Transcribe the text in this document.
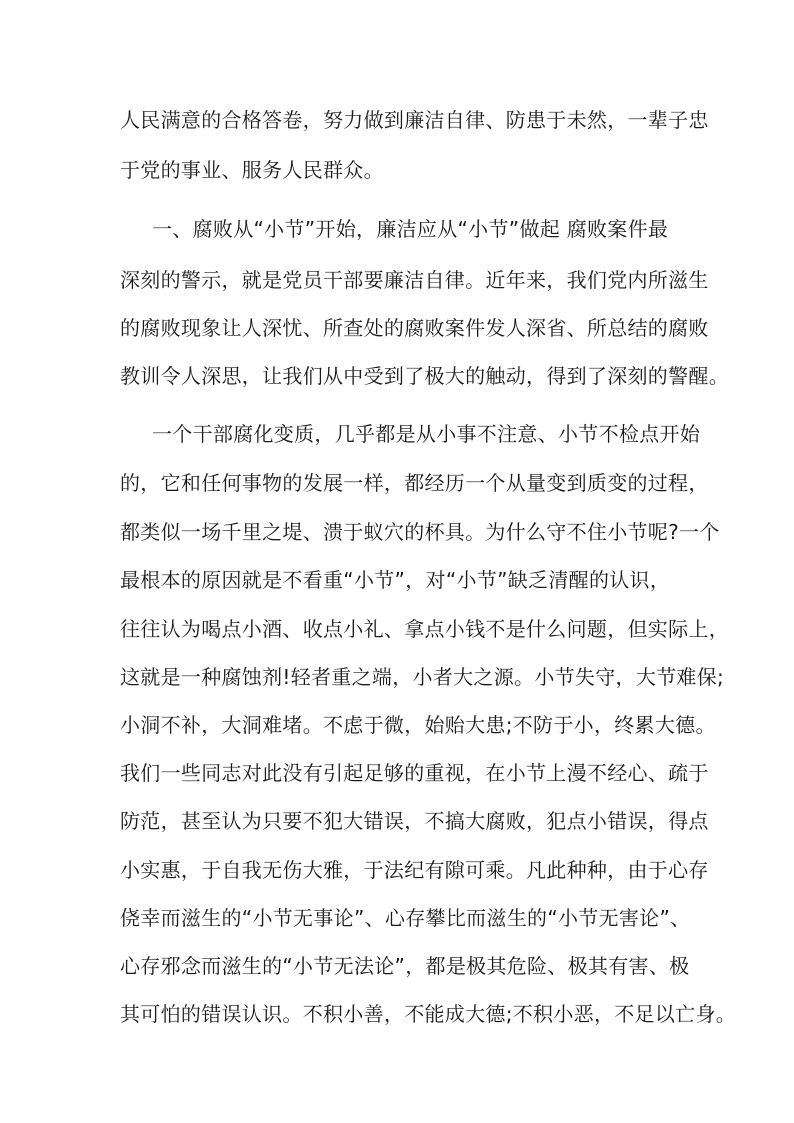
人民满意的合格答卷，努力做到廉洁自律、防患于未然，一辈子忠
于党的事业、服务人民群众。
一、腐败从“小节”开始，廉洁应从“小节”做起 腐败案件最
深刻的警示，就是党员干部要廉洁自律。近年来，我们党内所滋生
的腐败现象让人深忧、所查处的腐败案件发人深省、所总结的腐败
教训令人深思，让我们从中受到了极大的触动，得到了深刻的警醒。
一个干部腐化变质，几乎都是从小事不注意、小节不检点开始
的，它和任何事物的发展一样，都经历一个从量变到质变的过程，
都类似一场千里之堤、溃于蚁穴的杯具。为什么守不住小节呢?一个
最根本的原因就是不看重“小节”，对“小节”缺乏清醒的认识，
往往认为喝点小酒、收点小礼、拿点小钱不是什么问题，但实际上，
这就是一种腐蚀剂!轻者重之端，小者大之源。小节失守，大节难保;
小洞不补，大洞难堵。不虑于微，始贻大患;不防于小，终累大德。
我们一些同志对此没有引起足够的重视，在小节上漫不经心、疏于
防范，甚至认为只要不犯大错误，不搞大腐败，犯点小错误，得点
小实惠，于自我无伤大雅，于法纪有隙可乘。凡此种种，由于心存
侥幸而滋生的“小节无事论”、心存攀比而滋生的“小节无害论”、
心存邪念而滋生的“小节无法论”，都是极其危险、极其有害、极
其可怕的错误认识。不积小善，不能成大德;不积小恶，不足以亡身。
